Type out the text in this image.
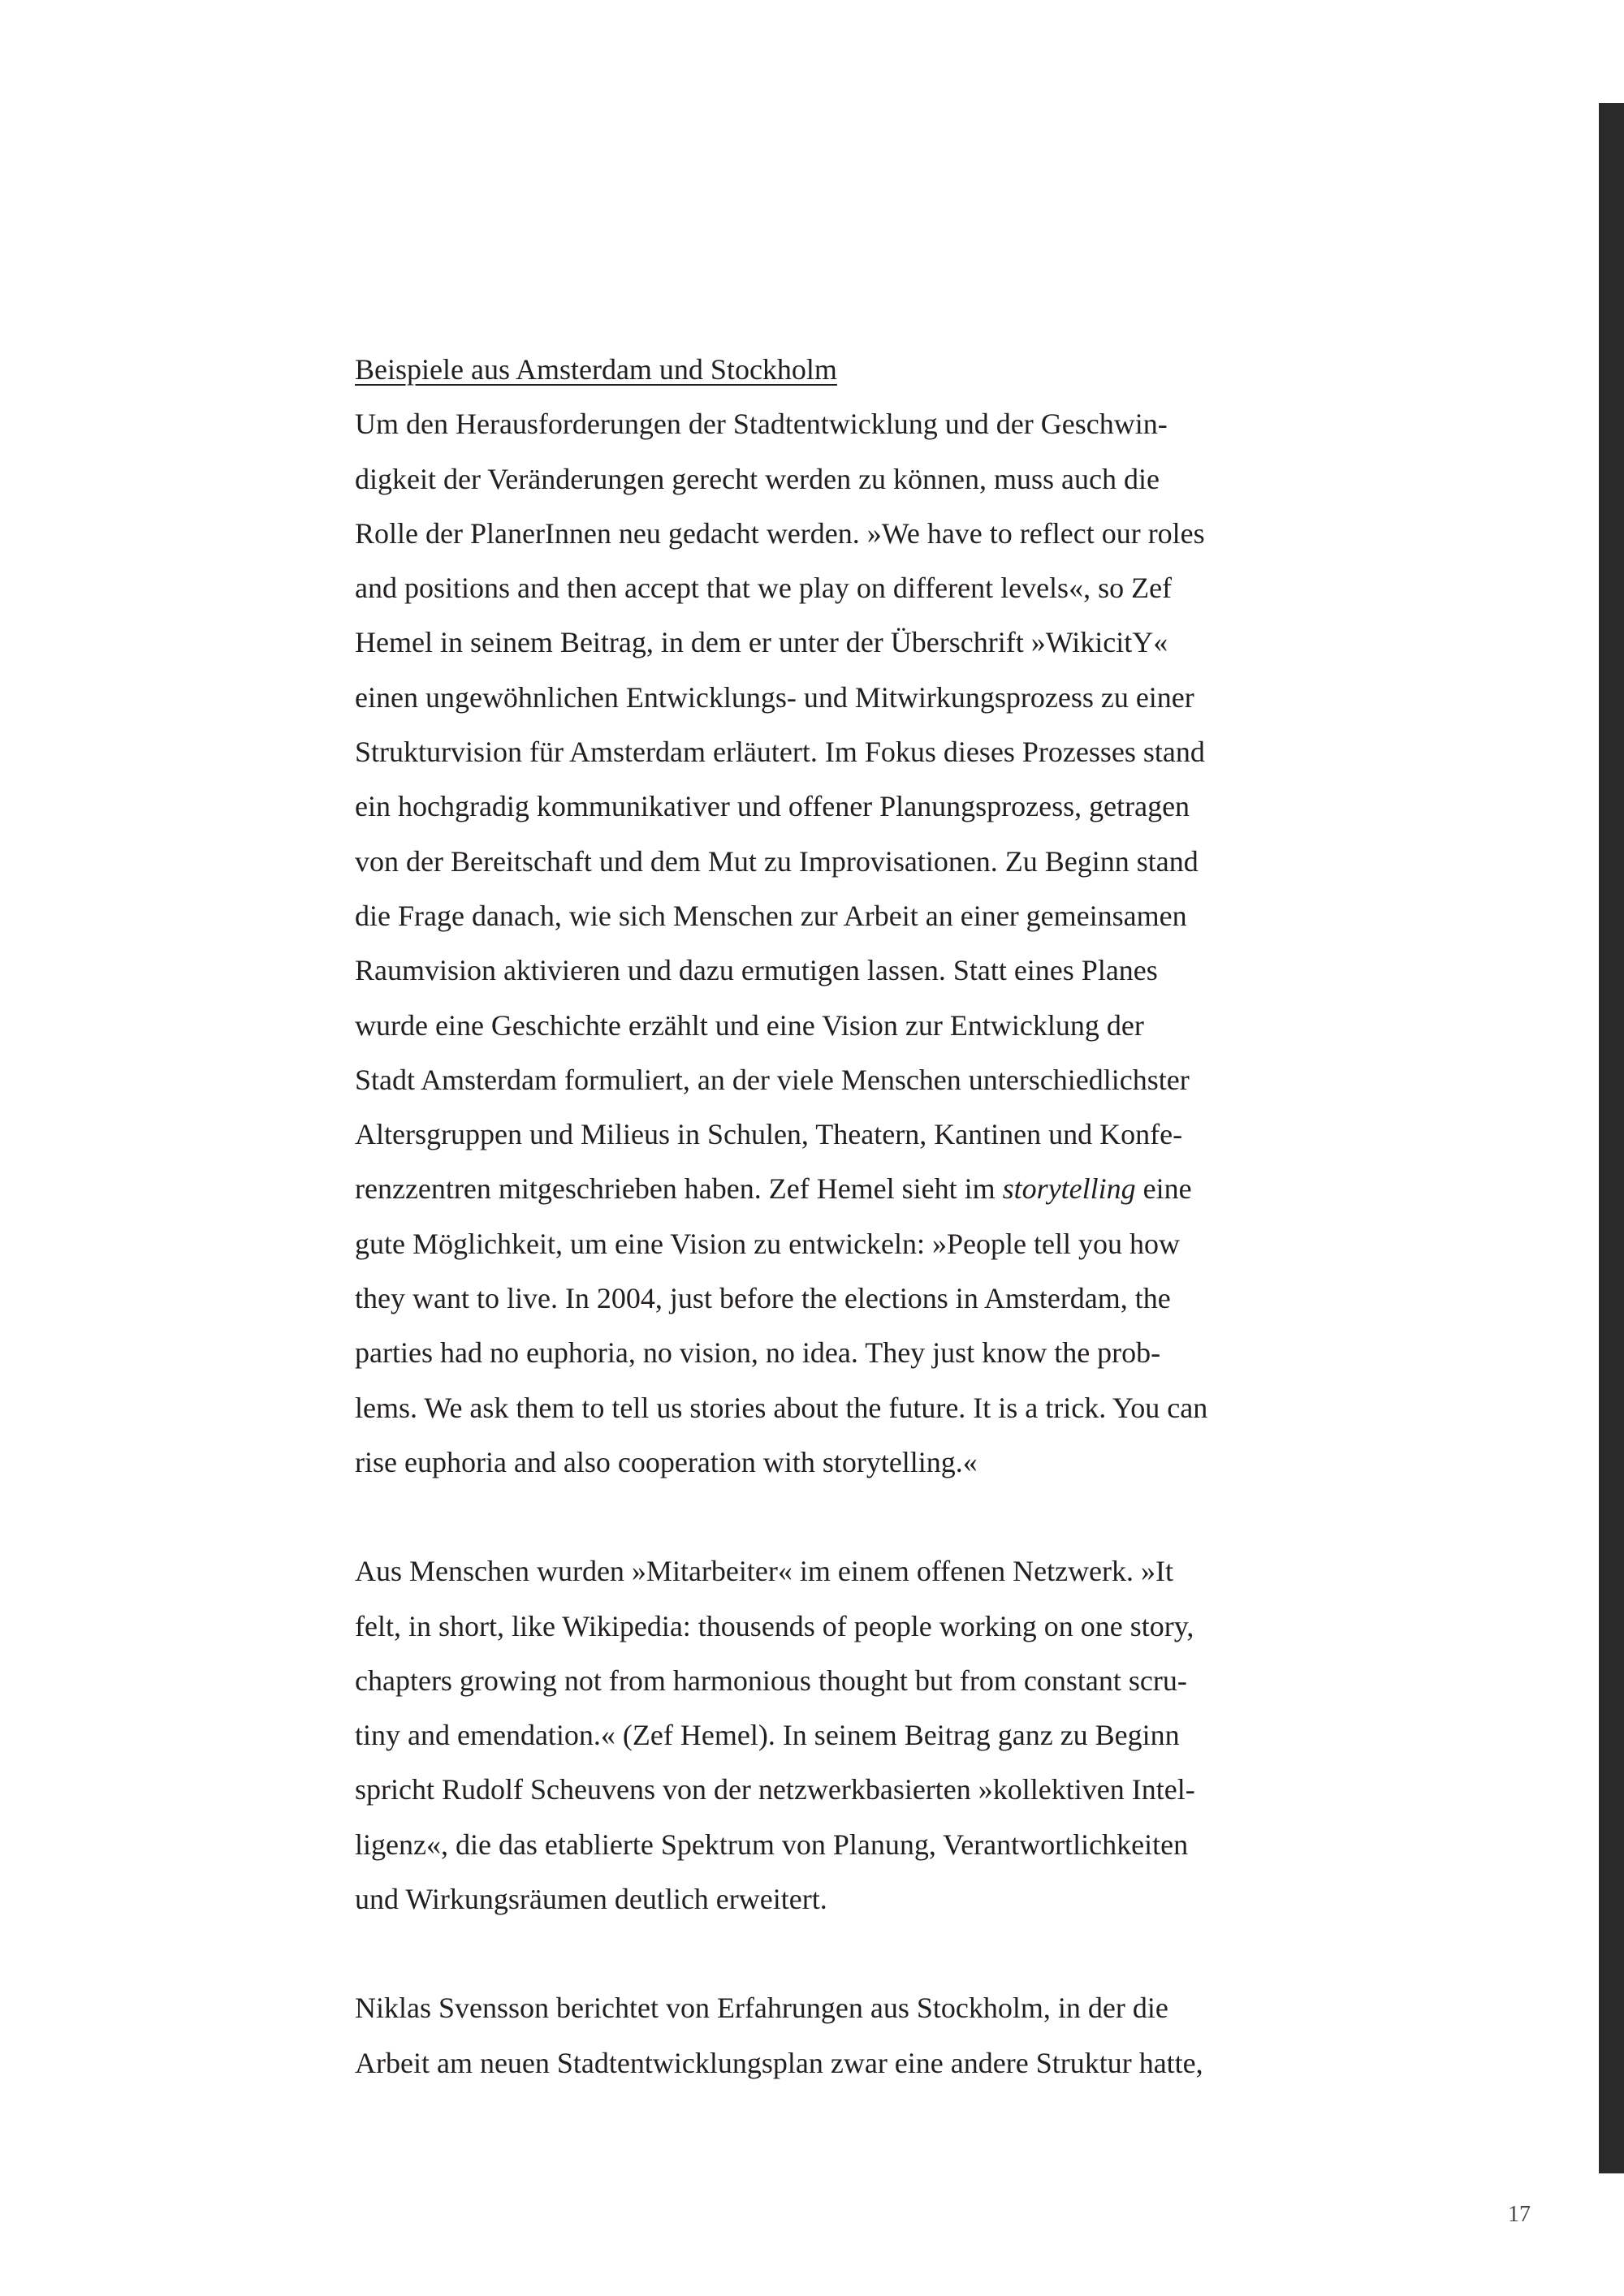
Beispiele aus Amsterdam und Stockholm
Um den Herausforderungen der Stadtentwicklung und der Geschwin-
digkeit der Veränderungen gerecht werden zu können, muss auch die
Rolle der PlanerInnen neu gedacht werden. »We have to reflect our roles
and positions and then accept that we play on different levels«, so Zef
Hemel in seinem Beitrag, in dem er unter der Überschrift »WikicitY«
einen ungewöhnlichen Entwicklungs- und Mitwirkungsprozess zu einer
Strukturvision für Amsterdam erläutert. Im Fokus dieses Prozesses stand
ein hochgradig kommunikativer und offener Planungsprozess, getragen
von der Bereitschaft und dem Mut zu Improvisationen. Zu Beginn stand
die Frage danach, wie sich Menschen zur Arbeit an einer gemeinsamen
Raumvision aktivieren und dazu ermutigen lassen. Statt eines Planes
wurde eine Geschichte erzählt und eine Vision zur Entwicklung der
Stadt Amsterdam formuliert, an der viele Menschen unterschiedlichster
Altersgruppen und Milieus in Schulen, Theatern, Kantinen und Konfe-
renzzentren mitgeschrieben haben. Zef Hemel sieht im storytelling eine
gute Möglichkeit, um eine Vision zu entwickeln: »People tell you how
they want to live. In 2004, just before the elections in Amsterdam, the
parties had no euphoria, no vision, no idea. They just know the prob-
lems. We ask them to tell us stories about the future. It is a trick. You can
rise euphoria and also cooperation with storytelling.«
Aus Menschen wurden »Mitarbeiter« im einem offenen Netzwerk. »It
felt, in short, like Wikipedia: thousends of people working on one story,
chapters growing not from harmonious thought but from constant scru-
tiny and emendation.« (Zef Hemel). In seinem Beitrag ganz zu Beginn
spricht Rudolf Scheuvens von der netzwerkbasierten »kollektiven Intel-
ligenz«, die das etablierte Spektrum von Planung, Verantwortlichkeiten
und Wirkungsräumen deutlich erweitert.
Niklas Svensson berichtet von Erfahrungen aus Stockholm, in der die
Arbeit am neuen Stadtentwicklungsplan zwar eine andere Struktur hatte,
17
